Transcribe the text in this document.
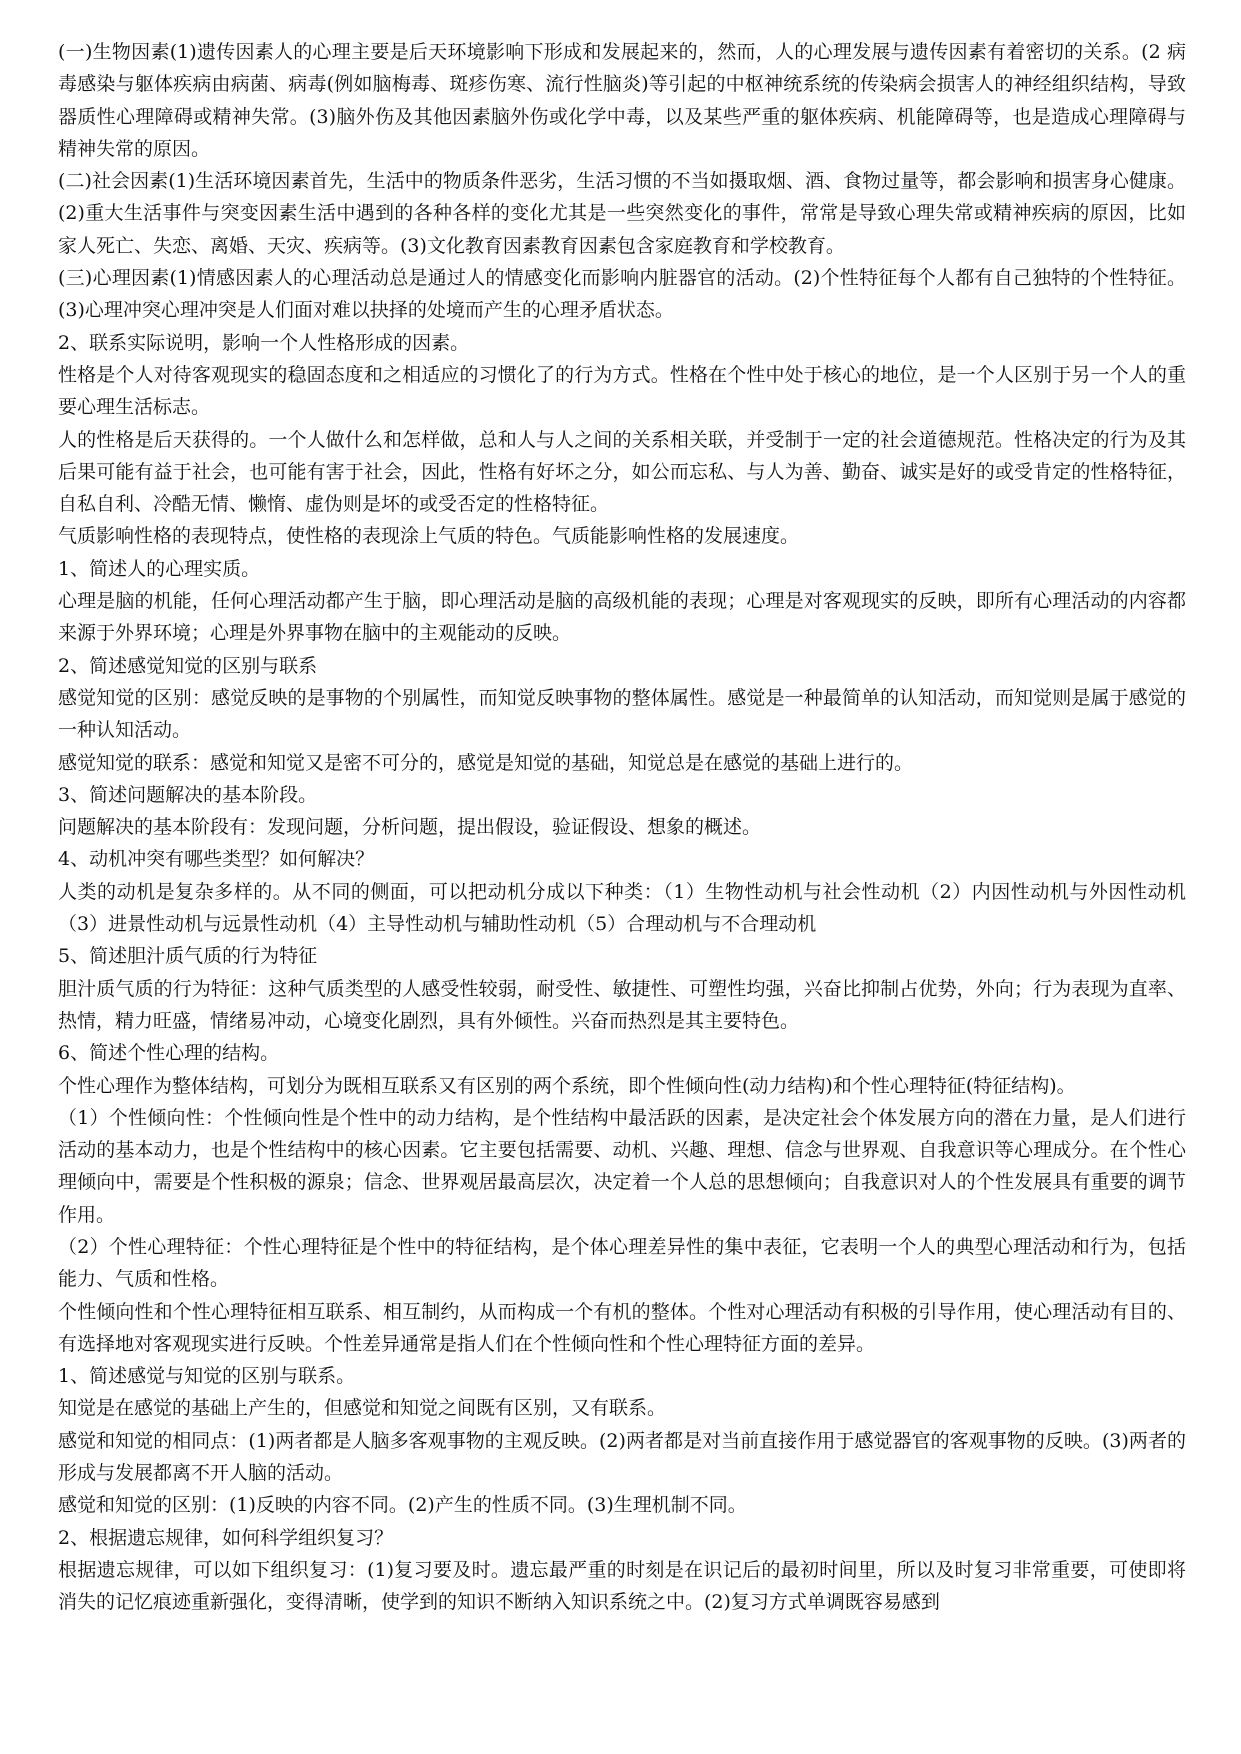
(一)生物因素(1)遗传因素人的心理主要是后天环境影响下形成和发展起来的，然而，人的心理发展与遗传因素有着密切的关系。(2 病毒感染与躯体疾病由病菌、病毒(例如脑梅毒、斑疹伤寒、流行性脑炎)等引起的中枢神统系统的传染病会损害人的神经组织结构，导致器质性心理障碍或精神失常。(3)脑外伤及其他因素脑外伤或化学中毒，以及某些严重的躯体疾病、机能障碍等，也是造成心理障碍与精神失常的原因。

(二)社会因素(1)生活环境因素首先，生活中的物质条件恶劣，生活习惯的不当如摄取烟、酒、食物过量等，都会影响和损害身心健康。(2)重大生活事件与突变因素生活中遇到的各种各样的变化尤其是一些突然变化的事件，常常是导致心理失常或精神疾病的原因，比如家人死亡、失恋、离婚、天灾、疾病等。(3)文化教育因素教育因素包含家庭教育和学校教育。

(三)心理因素(1)情感因素人的心理活动总是通过人的情感变化而影响内脏器官的活动。(2)个性特征每个人都有自己独特的个性特征。(3)心理冲突心理冲突是人们面对难以抉择的处境而产生的心理矛盾状态。

2、联系实际说明，影响一个人性格形成的因素。

性格是个人对待客观现实的稳固态度和之相适应的习惯化了的行为方式。性格在个性中处于核心的地位，是一个人区别于另一个人的重要心理生活标志。

人的性格是后天获得的。一个人做什么和怎样做，总和人与人之间的关系相关联，并受制于一定的社会道德规范。性格决定的行为及其后果可能有益于社会，也可能有害于社会，因此，性格有好坏之分，如公而忘私、与人为善、勤奋、诚实是好的或受肯定的性格特征，自私自利、冷酷无情、懒惰、虚伪则是坏的或受否定的性格特征。

气质影响性格的表现特点，使性格的表现涂上气质的特色。气质能影响性格的发展速度。

1、简述人的心理实质。

心理是脑的机能，任何心理活动都产生于脑，即心理活动是脑的高级机能的表现；心理是对客观现实的反映，即所有心理活动的内容都来源于外界环境；心理是外界事物在脑中的主观能动的反映。

2、简述感觉知觉的区别与联系

感觉知觉的区别：感觉反映的是事物的个别属性，而知觉反映事物的整体属性。感觉是一种最简单的认知活动，而知觉则是属于感觉的一种认知活动。

感觉知觉的联系：感觉和知觉又是密不可分的，感觉是知觉的基础，知觉总是在感觉的基础上进行的。

3、简述问题解决的基本阶段。

问题解决的基本阶段有：发现问题，分析问题，提出假设，验证假设、想象的概述。

4、动机冲突有哪些类型？如何解决？

人类的动机是复杂多样的。从不同的侧面，可以把动机分成以下种类：（1）生物性动机与社会性动机（2）内因性动机与外因性动机（3）进景性动机与远景性动机（4）主导性动机与辅助性动机（5）合理动机与不合理动机

5、简述胆汁质气质的行为特征

胆汁质气质的行为特征：这种气质类型的人感受性较弱，耐受性、敏捷性、可塑性均强，兴奋比抑制占优势，外向；行为表现为直率、热情，精力旺盛，情绪易冲动，心境变化剧烈，具有外倾性。兴奋而热烈是其主要特色。

6、简述个性心理的结构。

个性心理作为整体结构，可划分为既相互联系又有区别的两个系统，即个性倾向性(动力结构)和个性心理特征(特征结构)。

（1）个性倾向性：个性倾向性是个性中的动力结构，是个性结构中最活跃的因素，是决定社会个体发展方向的潜在力量，是人们进行活动的基本动力，也是个性结构中的核心因素。它主要包括需要、动机、兴趣、理想、信念与世界观、自我意识等心理成分。在个性心理倾向中，需要是个性积极的源泉；信念、世界观居最高层次，决定着一个人总的思想倾向；自我意识对人的个性发展具有重要的调节作用。

（2）个性心理特征：个性心理特征是个性中的特征结构，是个体心理差异性的集中表征，它表明一个人的典型心理活动和行为，包括能力、气质和性格。

个性倾向性和个性心理特征相互联系、相互制约，从而构成一个有机的整体。个性对心理活动有积极的引导作用，使心理活动有目的、有选择地对客观现实进行反映。个性差异通常是指人们在个性倾向性和个性心理特征方面的差异。

1、简述感觉与知觉的区别与联系。

知觉是在感觉的基础上产生的，但感觉和知觉之间既有区别，又有联系。

感觉和知觉的相同点：(1)两者都是人脑多客观事物的主观反映。(2)两者都是对当前直接作用于感觉器官的客观事物的反映。(3)两者的形成与发展都离不开人脑的活动。

感觉和知觉的区别：(1)反映的内容不同。(2)产生的性质不同。(3)生理机制不同。

2、根据遗忘规律，如何科学组织复习？

根据遗忘规律，可以如下组织复习：(1)复习要及时。遗忘最严重的时刻是在识记后的最初时间里，所以及时复习非常重要，可使即将消失的记忆痕迹重新强化，变得清晰，使学到的知识不断纳入知识系统之中。(2)复习方式单调既容易感到
